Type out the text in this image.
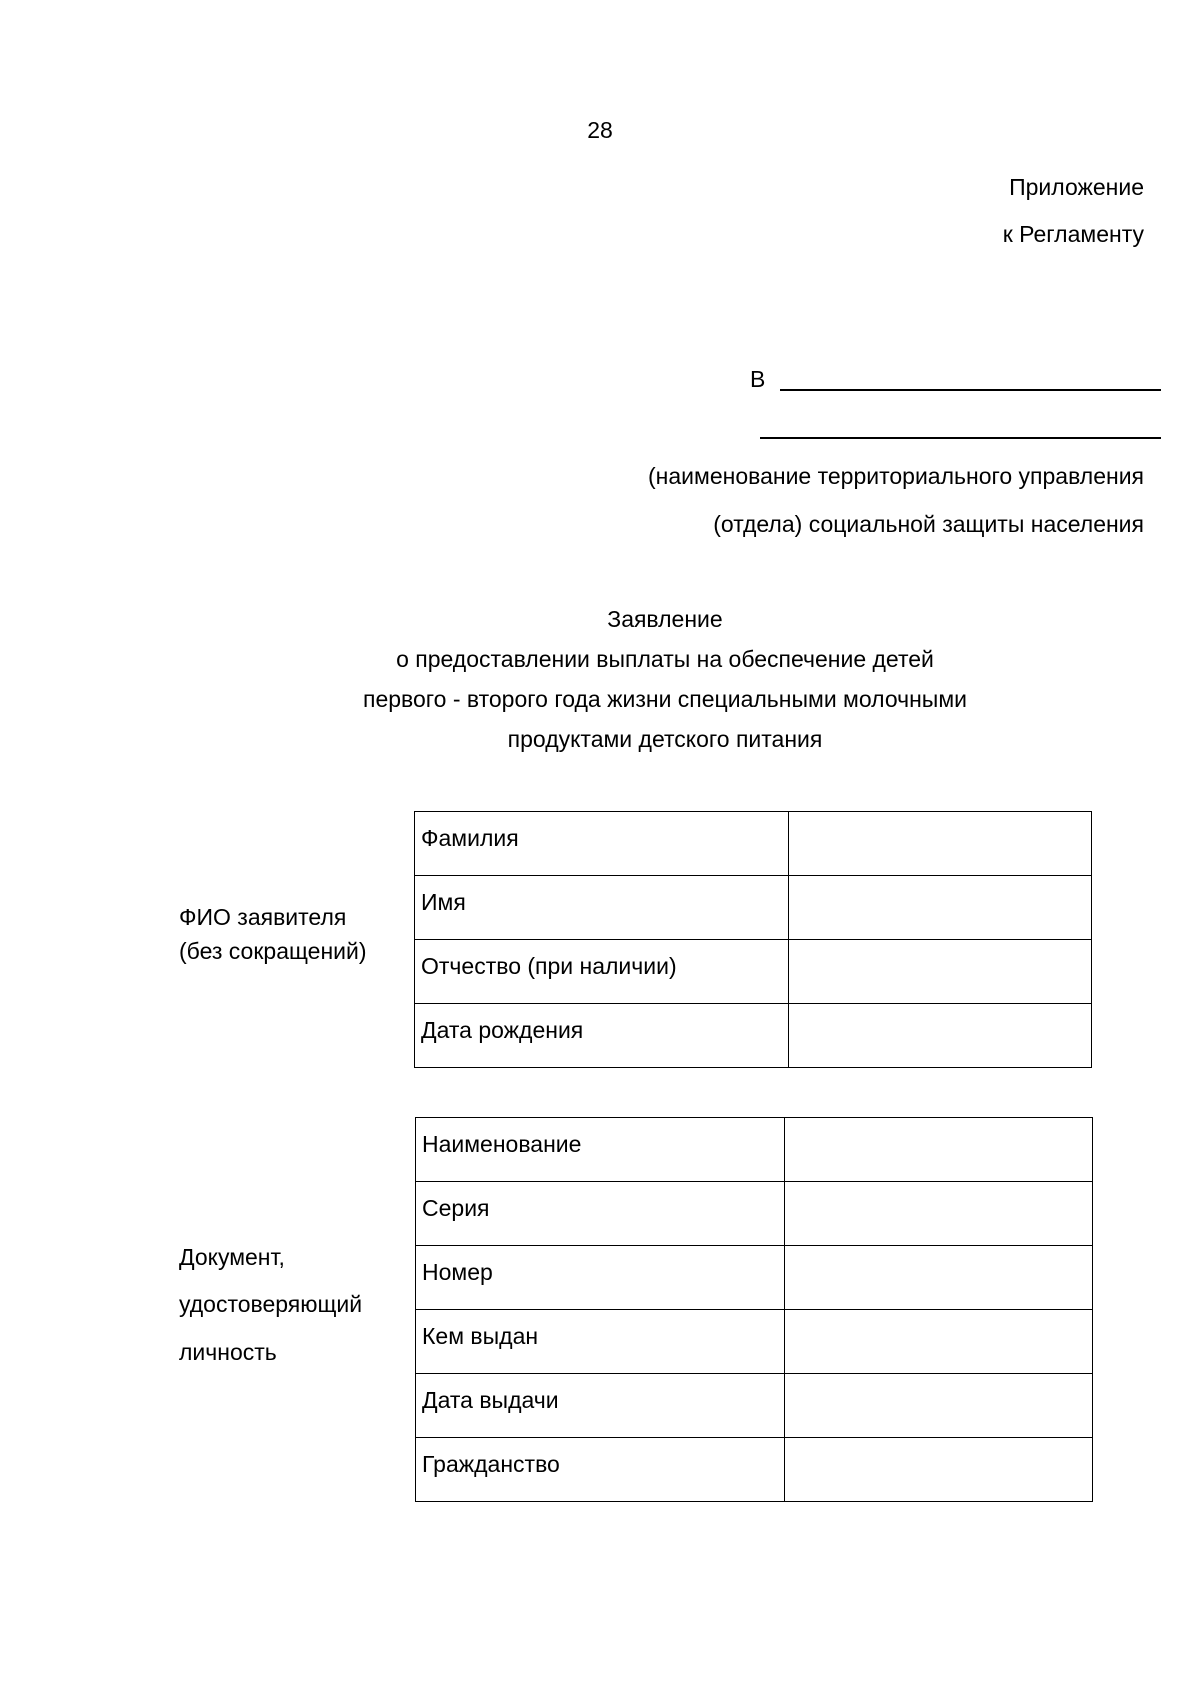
28
Приложение
к Регламенту
В
(наименование территориального управления
(отдела) социальной защиты населения
Заявление
о предоставлении выплаты на обеспечение детей
первого - второго года жизни специальными молочными
продуктами детского питания
ФИО заявителя
(без сокращений)
Фамилия	
Имя	
Отчество (при наличии)	
Дата рождения	
Документ,
удостоверяющий
личность
Наименование	
Серия	
Номер	
Кем выдан	
Дата выдачи	
Гражданство	
